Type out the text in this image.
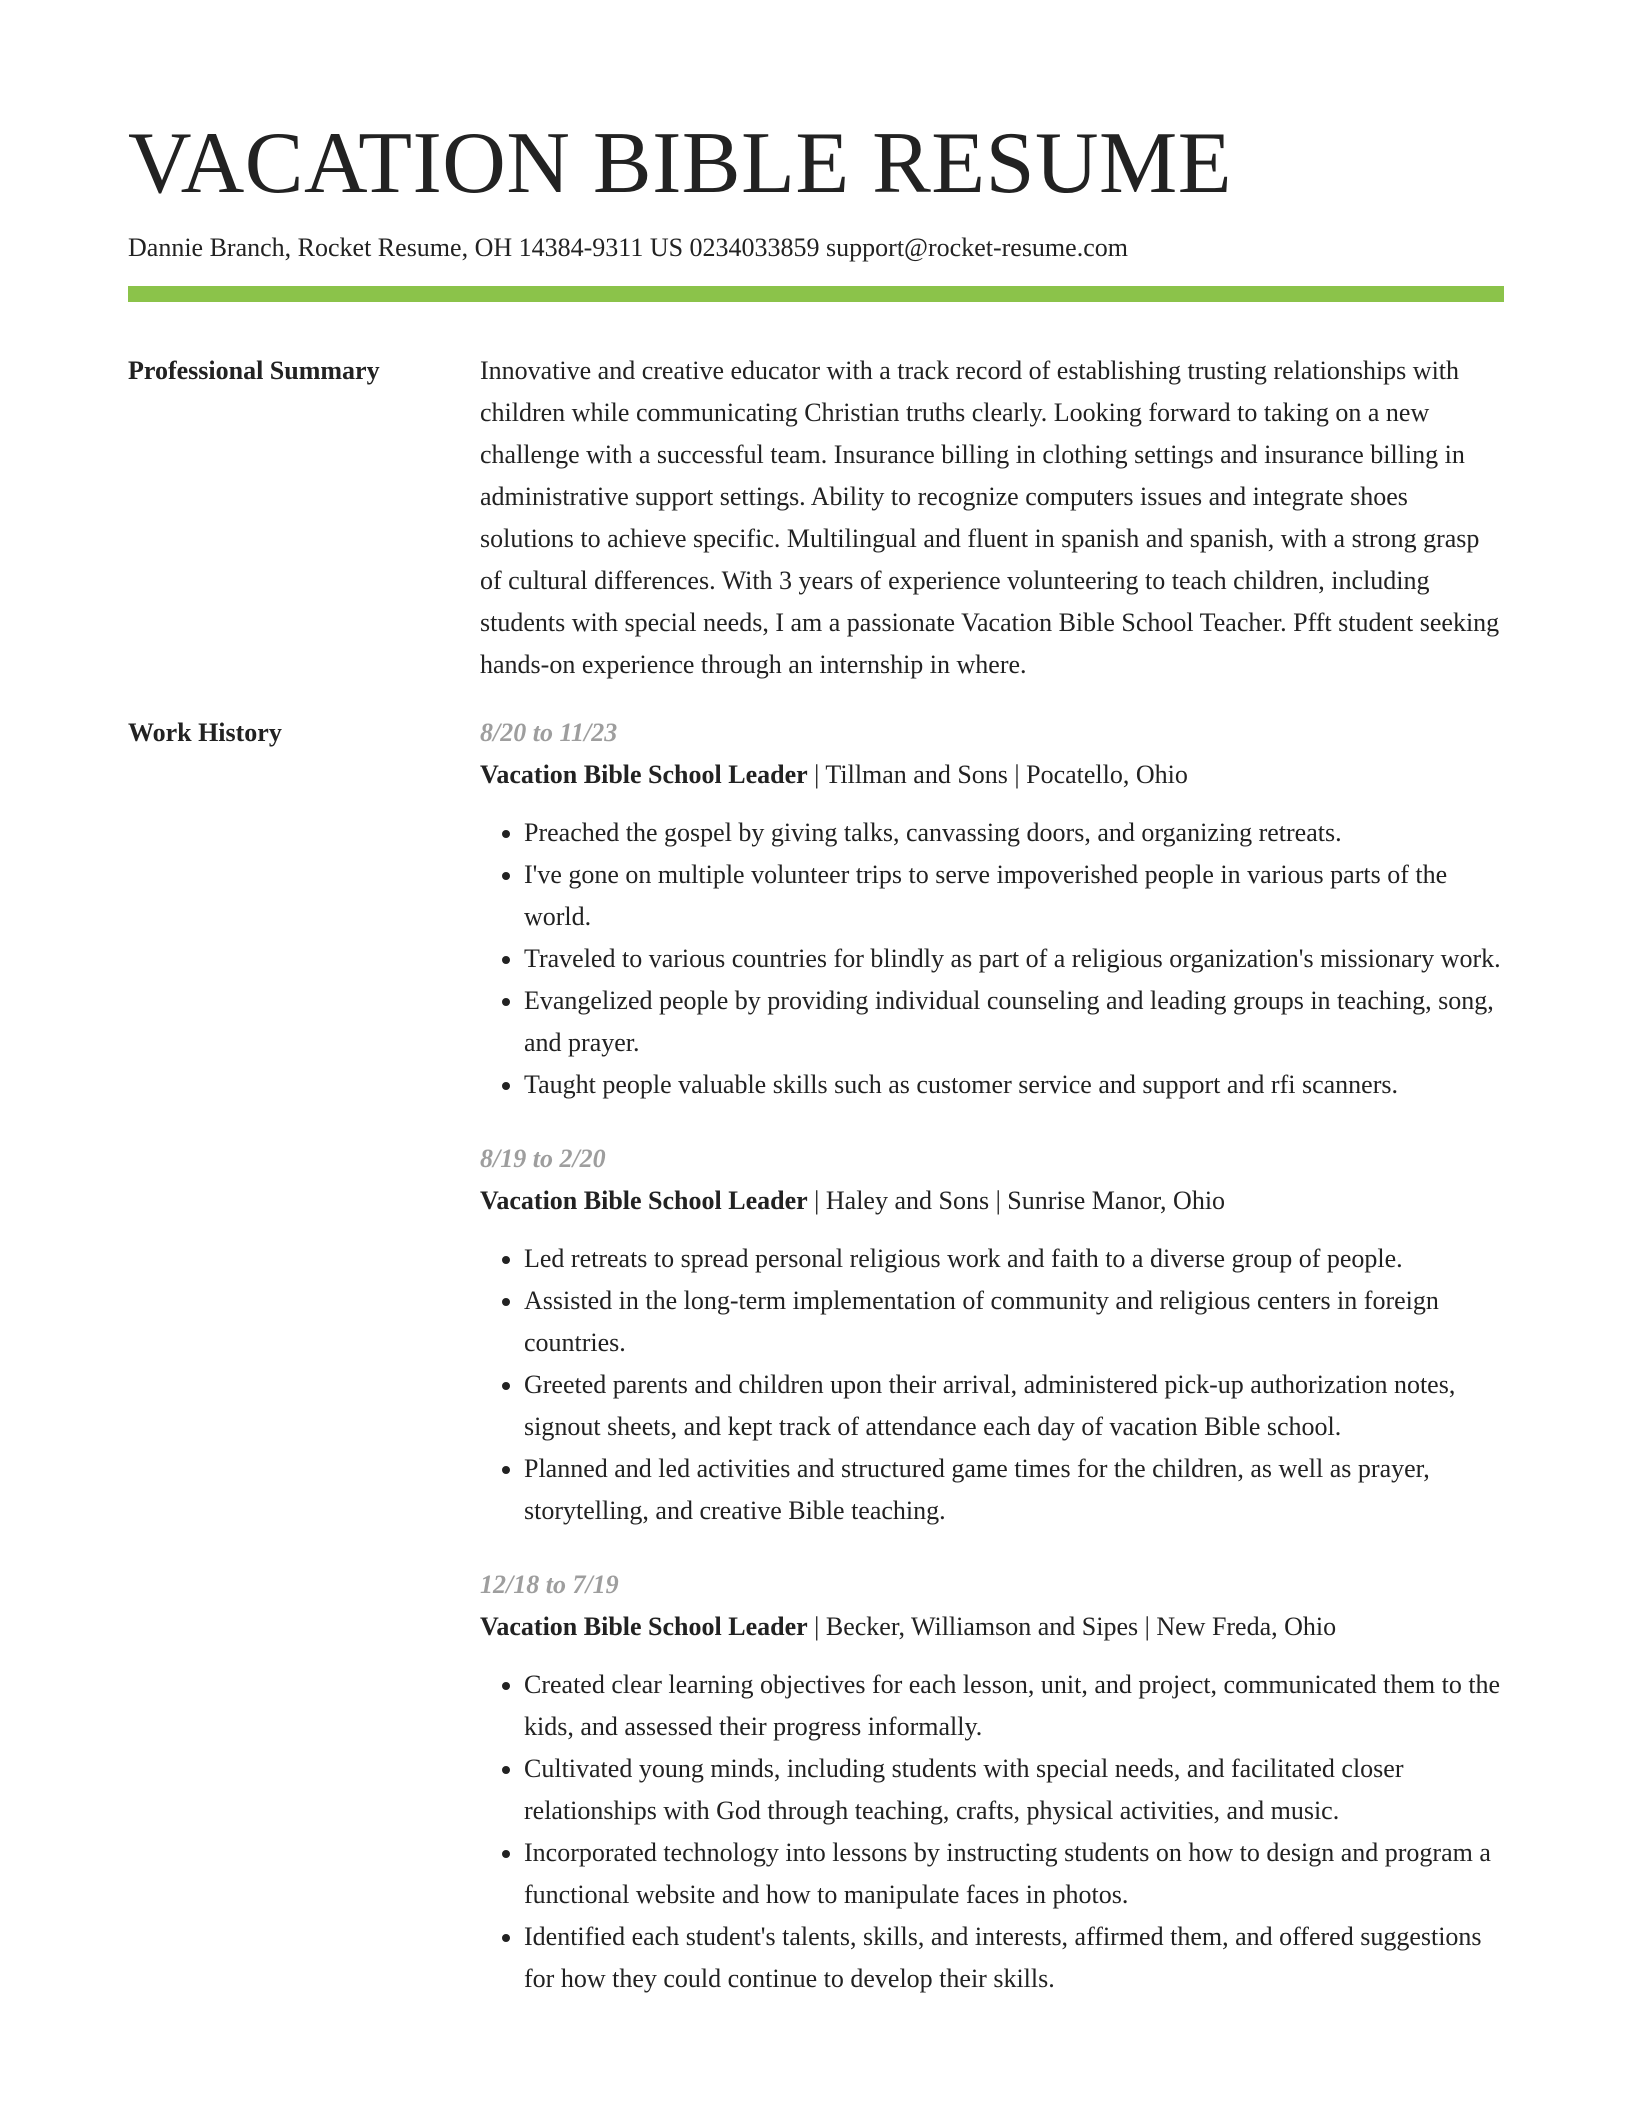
VACATION BIBLE RESUME
Dannie Branch, Rocket Resume, OH 14384-9311 US 0234033859 support@rocket-resume.com
Professional Summary	Innovative and creative educator with a track record of establishing trusting relationships with children while communicating Christian truths clearly. Looking forward to taking on a new challenge with a successful team. Insurance billing in clothing settings and insurance billing in administrative support settings. Ability to recognize computers issues and integrate shoes solutions to achieve specific. Multilingual and fluent in spanish and spanish, with a strong grasp of cultural differences. With 3 years of experience volunteering to teach children, including students with special needs, I am a passionate Vacation Bible School Teacher. Pfft student seeking hands-on experience through an internship in where.

Work History	8/20 to 11/23
Vacation Bible School Leader | Tillman and Sons | Pocatello, Ohio
• Preached the gospel by giving talks, canvassing doors, and organizing retreats.
• I've gone on multiple volunteer trips to serve impoverished people in various parts of the world.
• Traveled to various countries for blindly as part of a religious organization's missionary work.
• Evangelized people by providing individual counseling and leading groups in teaching, song, and prayer.
• Taught people valuable skills such as customer service and support and rfi scanners.
8/19 to 2/20
Vacation Bible School Leader | Haley and Sons | Sunrise Manor, Ohio
• Led retreats to spread personal religious work and faith to a diverse group of people.
• Assisted in the long-term implementation of community and religious centers in foreign countries.
• Greeted parents and children upon their arrival, administered pick-up authorization notes, signout sheets, and kept track of attendance each day of vacation Bible school.
• Planned and led activities and structured game times for the children, as well as prayer, storytelling, and creative Bible teaching.
12/18 to 7/19
Vacation Bible School Leader | Becker, Williamson and Sipes | New Freda, Ohio
• Created clear learning objectives for each lesson, unit, and project, communicated them to the kids, and assessed their progress informally.
• Cultivated young minds, including students with special needs, and facilitated closer relationships with God through teaching, crafts, physical activities, and music.
• Incorporated technology into lessons by instructing students on how to design and program a functional website and how to manipulate faces in photos.
• Identified each student's talents, skills, and interests, affirmed them, and offered suggestions for how they could continue to develop their skills.
